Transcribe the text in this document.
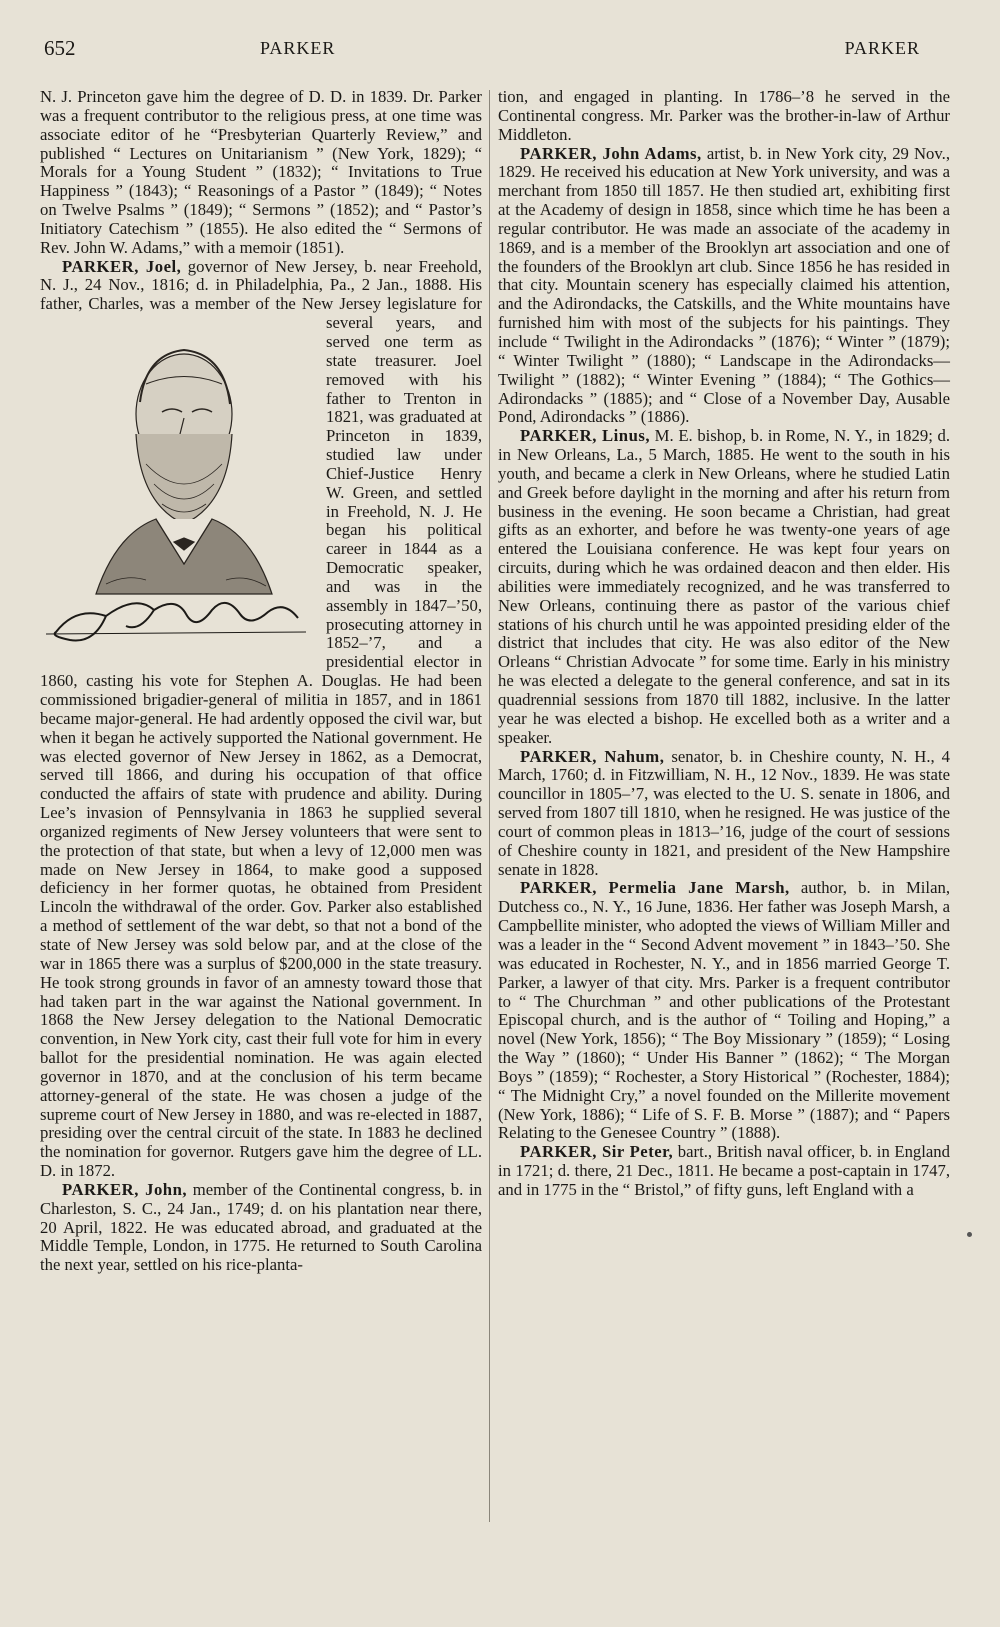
652	PARKER	PARKER

N. J. Princeton gave him the degree of D. D. in 1839. Dr. Parker was a frequent contributor to the religious press, at one time was associate editor of he “Presbyterian Quarterly Review,” and published “ Lectures on Unitarianism ” (New York, 1829); “ Morals for a Young Student ” (1832); “ Invitations to True Happiness ” (1843); “ Reasonings of a Pastor ” (1849); “ Notes on Twelve Psalms ” (1849); “ Sermons ” (1852); and “ Pastor’s Initiatory Catechism ” (1855). He also edited the “ Sermons of Rev. John W. Adams,” with a memoir (1851).

PARKER, Joel, governor of New Jersey, b. near Freehold, N. J., 24 Nov., 1816; d. in Philadelphia, Pa., 2 Jan., 1888. His father, Charles, was a member of the New Jersey legislature for
several years, and served one term as state treasurer. Joel removed with his father to Trenton in 1821, was graduated at Princeton in 1839, studied law under Chief-Justice Henry W. Green, and settled in Freehold, N. J. He began his political career in 1844 as a Democratic speaker, and was in the assembly in 1847–’50, prosecuting attorney in 1852–’7, and a presidential elector in 1860, casting his vote for Stephen A. Douglas. He had been commissioned brigadier-general of militia in 1857, and in 1861 became major-general. He had ardently opposed the civil war, but when it began he actively supported the National government. He was elected governor of New Jersey in 1862, as a Democrat, served till 1866, and during his occupation of that office conducted the affairs of state with prudence and ability. During Lee’s invasion of Pennsylvania in 1863 he supplied several organized regiments of New Jersey volunteers that were sent to the protection of that state, but when a levy of 12,000 men was made on New Jersey in 1864, to make good a supposed deficiency in her former quotas, he obtained from President Lincoln the withdrawal of the order. Gov. Parker also established a method of settlement of the war debt, so that not a bond of the state of New Jersey was sold below par, and at the close of the war in 1865 there was a surplus of $200,000 in the state treasury. He took strong grounds in favor of an amnesty toward those that had taken part in the war against the National government. In 1868 the New Jersey delegation to the National Democratic convention, in New York city, cast their full vote for him in every ballot for the presidential nomination. He was again elected governor in 1870, and at the conclusion of his term became attorney-general of the state. He was chosen a judge of the supreme court of New Jersey in 1880, and was re-elected in 1887, presiding over the central circuit of the state. In 1883 he declined the nomination for governor. Rutgers gave him the degree of LL. D. in 1872.

PARKER, John, member of the Continental congress, b. in Charleston, S. C., 24 Jan., 1749; d. on his plantation near there, 20 April, 1822. He was educated abroad, and graduated at the Middle Temple, London, in 1775. He returned to South Carolina the next year, settled on his rice-planta-

tion, and engaged in planting. In 1786–’8 he served in the Continental congress. Mr. Parker was the brother-in-law of Arthur Middleton.

PARKER, John Adams, artist, b. in New York city, 29 Nov., 1829. He received his education at New York university, and was a merchant from 1850 till 1857. He then studied art, exhibiting first at the Academy of design in 1858, since which time he has been a regular contributor. He was made an associate of the academy in 1869, and is a member of the Brooklyn art association and one of the founders of the Brooklyn art club. Since 1856 he has resided in that city. Mountain scenery has especially claimed his attention, and the Adirondacks, the Catskills, and the White mountains have furnished him with most of the subjects for his paintings. They include “ Twilight in the Adirondacks ” (1876); “ Winter ” (1879); “ Winter Twilight ” (1880); “ Landscape in the Adirondacks—Twilight ” (1882); “ Winter Evening ” (1884); “ The Gothics—Adirondacks ” (1885); and “ Close of a November Day, Ausable Pond, Adirondacks ” (1886).

PARKER, Linus, M. E. bishop, b. in Rome, N. Y., in 1829; d. in New Orleans, La., 5 March, 1885. He went to the south in his youth, and became a clerk in New Orleans, where he studied Latin and Greek before daylight in the morning and after his return from business in the evening. He soon became a Christian, had great gifts as an exhorter, and before he was twenty-one years of age entered the Louisiana conference. He was kept four years on circuits, during which he was ordained deacon and then elder. His abilities were immediately recognized, and he was transferred to New Orleans, continuing there as pastor of the various chief stations of his church until he was appointed presiding elder of the district that includes that city. He was also editor of the New Orleans “ Christian Advocate ” for some time. Early in his ministry he was elected a delegate to the general conference, and sat in its quadrennial sessions from 1870 till 1882, inclusive. In the latter year he was elected a bishop. He excelled both as a writer and a speaker.

PARKER, Nahum, senator, b. in Cheshire county, N. H., 4 March, 1760; d. in Fitzwilliam, N. H., 12 Nov., 1839. He was state councillor in 1805–’7, was elected to the U. S. senate in 1806, and served from 1807 till 1810, when he resigned. He was justice of the court of common pleas in 1813–’16, judge of the court of sessions of Cheshire county in 1821, and president of the New Hampshire senate in 1828.

PARKER, Permelia Jane Marsh, author, b. in Milan, Dutchess co., N. Y., 16 June, 1836. Her father was Joseph Marsh, a Campbellite minister, who adopted the views of William Miller and was a leader in the “ Second Advent movement ” in 1843–’50. She was educated in Rochester, N. Y., and in 1856 married George T. Parker, a lawyer of that city. Mrs. Parker is a frequent contributor to “ The Churchman ” and other publications of the Protestant Episcopal church, and is the author of “ Toiling and Hoping,” a novel (New York, 1856); “ The Boy Missionary ” (1859); “ Losing the Way ” (1860); “ Under His Banner ” (1862); “ The Morgan Boys ” (1859); “ Rochester, a Story Historical ” (Rochester, 1884); “ The Midnight Cry,” a novel founded on the Millerite movement (New York, 1886); “ Life of S. F. B. Morse ” (1887); and “ Papers Relating to the Genesee Country ” (1888).

PARKER, Sir Peter, bart., British naval officer, b. in England in 1721; d. there, 21 Dec., 1811. He became a post-captain in 1747, and in 1775 in the “ Bristol,” of fifty guns, left England with a
